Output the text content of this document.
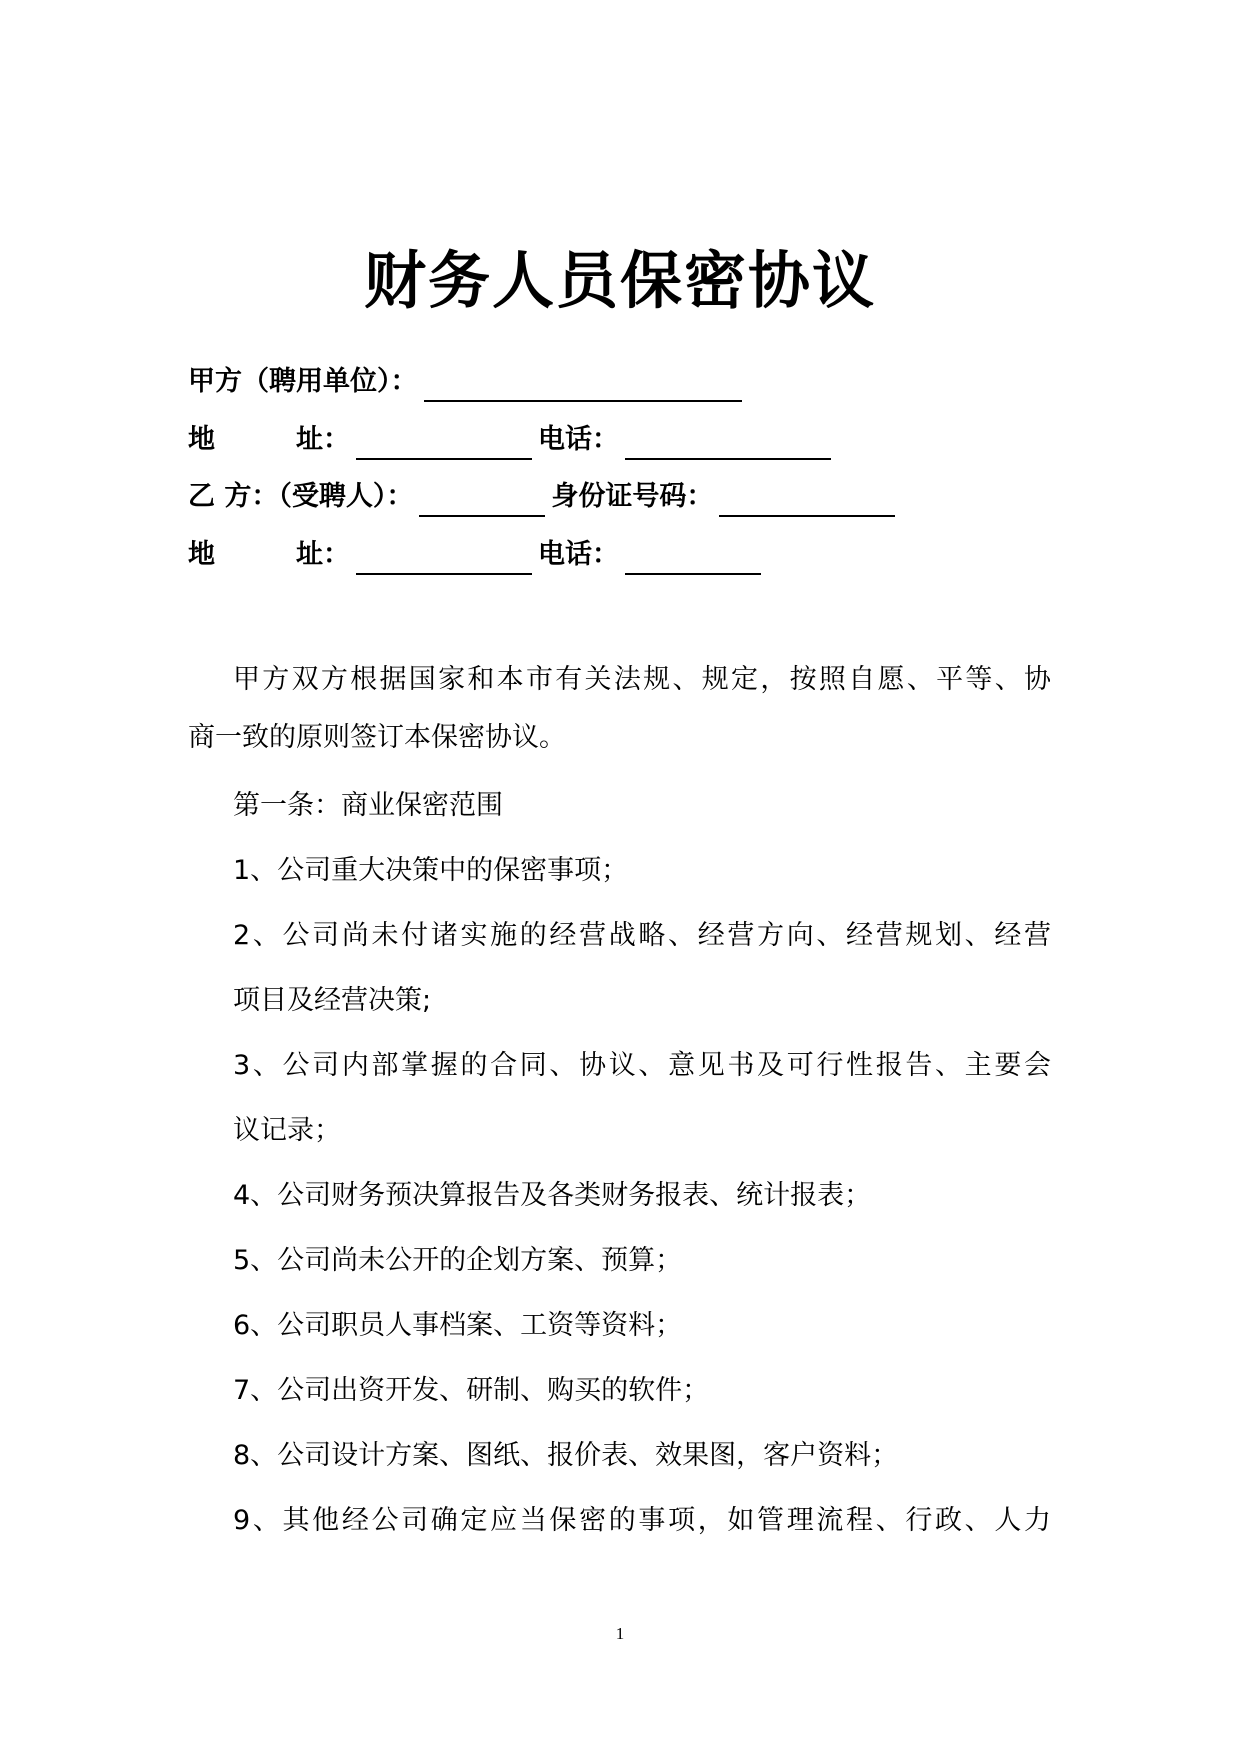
财务人员保密协议
甲方（聘用单位）：
地　　　址：	电话：
乙 方：（受聘人）：	身份证号码：
地　　　址：	电话：
甲方双方根据国家和本市有关法规、规定，按照自愿、平等、协
商一致的原则签订本保密协议。
第一条：商业保密范围
1、公司重大决策中的保密事项；
2、公司尚未付诸实施的经营战略、经营方向、经营规划、经营
项目及经营决策;
3、公司内部掌握的合同、协议、意见书及可行性报告、主要会
议记录；
4、公司财务预决算报告及各类财务报表、统计报表；
5、公司尚未公开的企划方案、预算；
6、公司职员人事档案、工资等资料；
7、公司出资开发、研制、购买的软件；
8、公司设计方案、图纸、报价表、效果图，客户资料；
9、其他经公司确定应当保密的事项，如管理流程、行政、人力
1
